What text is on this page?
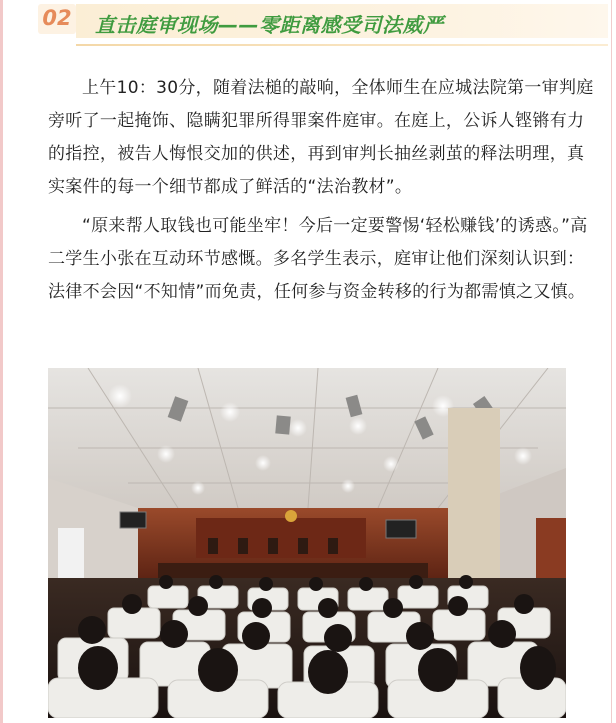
02 直击庭审现场——零距离感受司法威严

上午10：30分，随着法槌的敲响，全体师生在应城法院第一审判庭旁听了一起掩饰、隐瞒犯罪所得罪案件庭审。在庭上，公诉人铿锵有力的指控，被告人悔恨交加的供述，再到审判长抽丝剥茧的释法明理，真实案件的每一个细节都成了鲜活的“法治教材”。

“原来帮人取钱也可能坐牢！今后一定要警惕‘轻松赚钱’的诱惑。”高二学生小张在互动环节感慨。多名学生表示，庭审让他们深刻认识到：法律不会因“不知情”而免责，任何参与资金转移的行为都需慎之又慎。
